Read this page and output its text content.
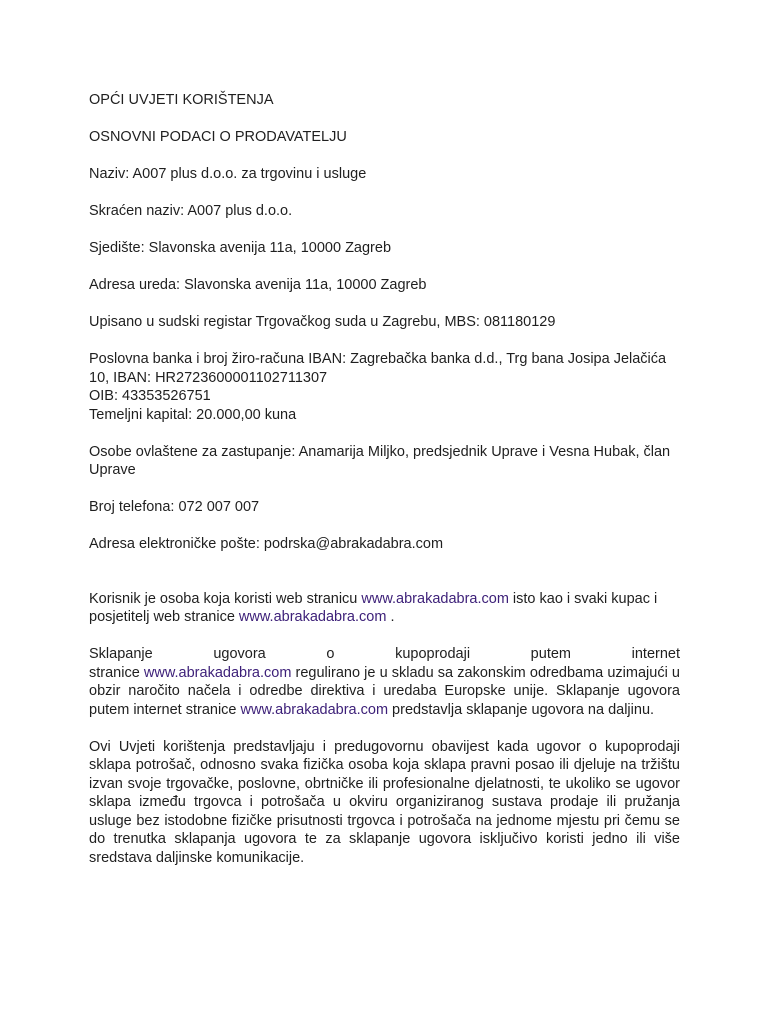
OPĆI UVJETI KORIŠTENJA

OSNOVNI PODACI O PRODAVATELJU

Naziv: A007 plus d.o.o. za trgovinu i usluge

Skraćen naziv: A007 plus d.o.o.

Sjedište: Slavonska avenija 11a, 10000 Zagreb

Adresa ureda: Slavonska avenija 11a, 10000 Zagreb

Upisano u sudski registar Trgovačkog suda u Zagrebu, MBS: 081180129

Poslovna banka i broj žiro-računa IBAN: Zagrebačka banka d.d., Trg bana Josipa Jelačića

10, IBAN: HR2723600001102711307

OIB: 43353526751

Temeljni kapital: 20.000,00 kuna

Osobe ovlaštene za zastupanje: Anamarija Miljko, predsjednik Uprave i Vesna Hubak, član Uprave

Broj telefona: 072 007 007

Adresa elektroničke pošte: podrska@abrakadabra.com

Korisnik je osoba koja koristi web stranicu www.abrakadabra.com isto kao i svaki kupac i posjetitelj web stranice www.abrakadabra.com .

Sklapanje ugovora o kupoprodaji putem internet

stranice www.abrakadabra.com regulirano je u skladu sa zakonskim odredbama uzimajući u obzir naročito načela i odredbe direktiva i uredaba Europske unije. Sklapanje ugovora putem internet stranice www.abrakadabra.com predstavlja sklapanje ugovora na daljinu.

Ovi Uvjeti korištenja predstavljaju i predugovornu obavijest kada ugovor o kupoprodaji sklapa potrošač, odnosno svaka fizička osoba koja sklapa pravni posao ili djeluje na tržištu izvan svoje trgovačke, poslovne, obrtničke ili profesionalne djelatnosti, te ukoliko se ugovor sklapa između trgovca i potrošača u okviru organiziranog sustava prodaje ili pružanja usluge bez istodobne fizičke prisutnosti trgovca i potrošača na jednome mjestu pri čemu se do trenutka sklapanja ugovora te za sklapanje ugovora isključivo koristi jedno ili više sredstava daljinske komunikacije.
